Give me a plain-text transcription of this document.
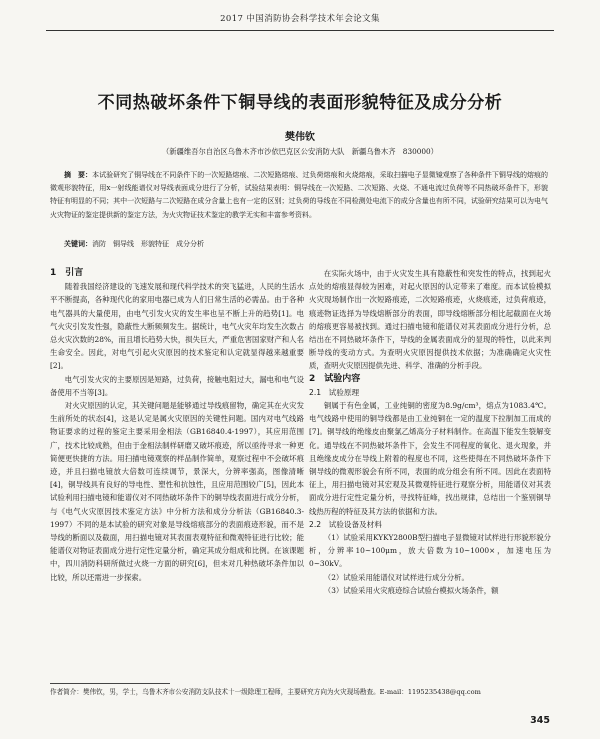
2017 中国消防协会科学技术年会论文集
不同热破坏条件下铜导线的表面形貌特征及成分分析
樊伟钦
（新疆维吾尔自治区乌鲁木齐市沙依巴克区公安消防大队　新疆乌鲁木齐　830000）
摘　要：本试验研究了铜导线在不同条件下的一次短路熔痕、二次短路熔痕、过负荷熔痕和火烧熔痕，采取扫描电子显微镜观察了各种条件下铜导线的熔痕的微观形貌特征，用x一射线能谱仪对导线表面成分进行了分析，试验结果表明：铜导线在一次短路、二次短路、火烧、不通电流过负荷等不同热破坏条件下，形貌特征有明显的不同；其中一次短路与二次短路在成分含量上也有一定的区别；过负荷的导线在不同检测处电流下的成分含量也有所不同，试验研究结果可以为电气火灾物证的鉴定提供新的鉴定方法，为火灾物证技术鉴定的教学无实和丰富参考资料。
关键词：消防　铜导线　形貌特征　成分分析

1　引言

随着我国经济建设的飞速发展和现代科学技术的突飞猛进，人民的生活水平不断提高，各种现代化的家用电器已成为人们日常生活的必需品。由于各种电气器具的大量使用，由电气引发火灾的发生率也呈不断上升的趋势[1]。电气火灾引发发性强，隐蔽性大断频频发生。据统计，电气火灾年均发生次数占总火灾次数的28%，而且增长趋势大快，损失巨大，严重危害国家财产和人名生命安全。因此，对电气引起火灾原因的技术鉴定和认定就显得越来越重要[2]。

电气引发火灾的主要原因是短路，过负荷，接触电阻过大，漏电和电气设备使用不当等[3]。

对火灾原因的认定，其关键问题是能够通过导线痕留物，确定其在火灾发生前所处的状态[4]，这是认定是属火灾原因的关键性问题。国内对电气线路物证要求的过程的鉴定主要采用金相法（GB16840.4-1997），其应用范围广，技术比较成熟，但由于金相法制样研磨又破坏痕迹，所以亟待寻求一种更简便更快捷的方法。用扫描电镜观察的样品制作简单，观察过程中不会破坏痕迹，并且扫描电镜放大倍数可连续调节，景深大，分辨率强高，图像清晰[4]，铜导线具有良好的导电性、塑性和抗蚀性，且应用范围较广[5]，因此本试验利用扫描电镜和能谱仪对不同热破坏条件下的铜导线表面进行成分分析，与《电气火灾原因技术鉴定方法》中分析方法和成分分析法（GB16840.3-1997）不同的是本试验的研究对象是导线熔痕部分的表面痕迹形貌，而不是导线的断面以及截面，用扫描电镜对其表面表观特征和微观特征进行比较；能能谱仪对物证表面成分进行定性定量分析，确定其成分组成和比例。在该课题中，四川消防科研所做过火烧一方面的研究[6]，但未对几种热破坏条件加以比较，所以还需进一步探索。

在实际火场中，由于火灾发生具有隐蔽性和突发性的特点，找到起火点处的熔痕显得较为困难，对起火原因的认定带来了难度。而本试验模拟火灾现场制作出一次短路痕迹，二次短路痕迹，火烧痕迹，过负荷痕迹，痕迹物证选择为导线熔断部分的表面，即导线熔断部分相比起截面在火场的熔痕更容易被找到。通过扫描电镜和能谱仪对其表面成分进行分析，总结出在不同热破坏条件下，导线的金属表面成分的显现的特性，以此来判断导线的变动方式。为查明火灾原因提供技术依据；为准确确定火灾性质，查明火灾原因提供先进、科学、准确的分析手段。

2　试验内容

2.1　试验原理

铜属于有色金属，工业纯铜的密度为8.9g/cm³，熔点为1083.4℃。电气线路中使用的铜导线都是由工业纯铜在一定的温度下拉制加工而成的[7]。铜导线的绝缘皮由聚氯乙烯高分子材料制作。在高温下能发生裂解变化。通导线在不同热破坏条件下，会发生不同程度的氧化、退火现象，并且绝缘皮成分在导线上附着的程度也不同，这些使得在不同热破坏条件下铜导线的微观形貌会有所不同，表面的成分组会有所不同。因此在表面特征上，用扫描电镜对其宏观及其微观特征进行观察分析，用能谱仪对其表面成分进行定性定量分析，寻找特征峰，找出规律，总结出一个鉴别铜导线热历程的特征及其方法的依据和方法。

2.2　试验设备及材料

（1）试验采用KYKY2800B型扫描电子显微镜对试样进行形貌形貌分析，分辨率10~100μm，放大倍数为10~1000×，加速电压为0~30kV。

（2）试验采用能谱仪对试样进行成分分析。

（3）试验采用火灾痕迹综合试验台模拟火场条件，额

作者简介：樊伟钦，男，学士，乌鲁木齐市公安消防支队技术十一级除理工程师，主要研究方向为火灾现场勘查。E-mail：1195235438@qq.com
345
